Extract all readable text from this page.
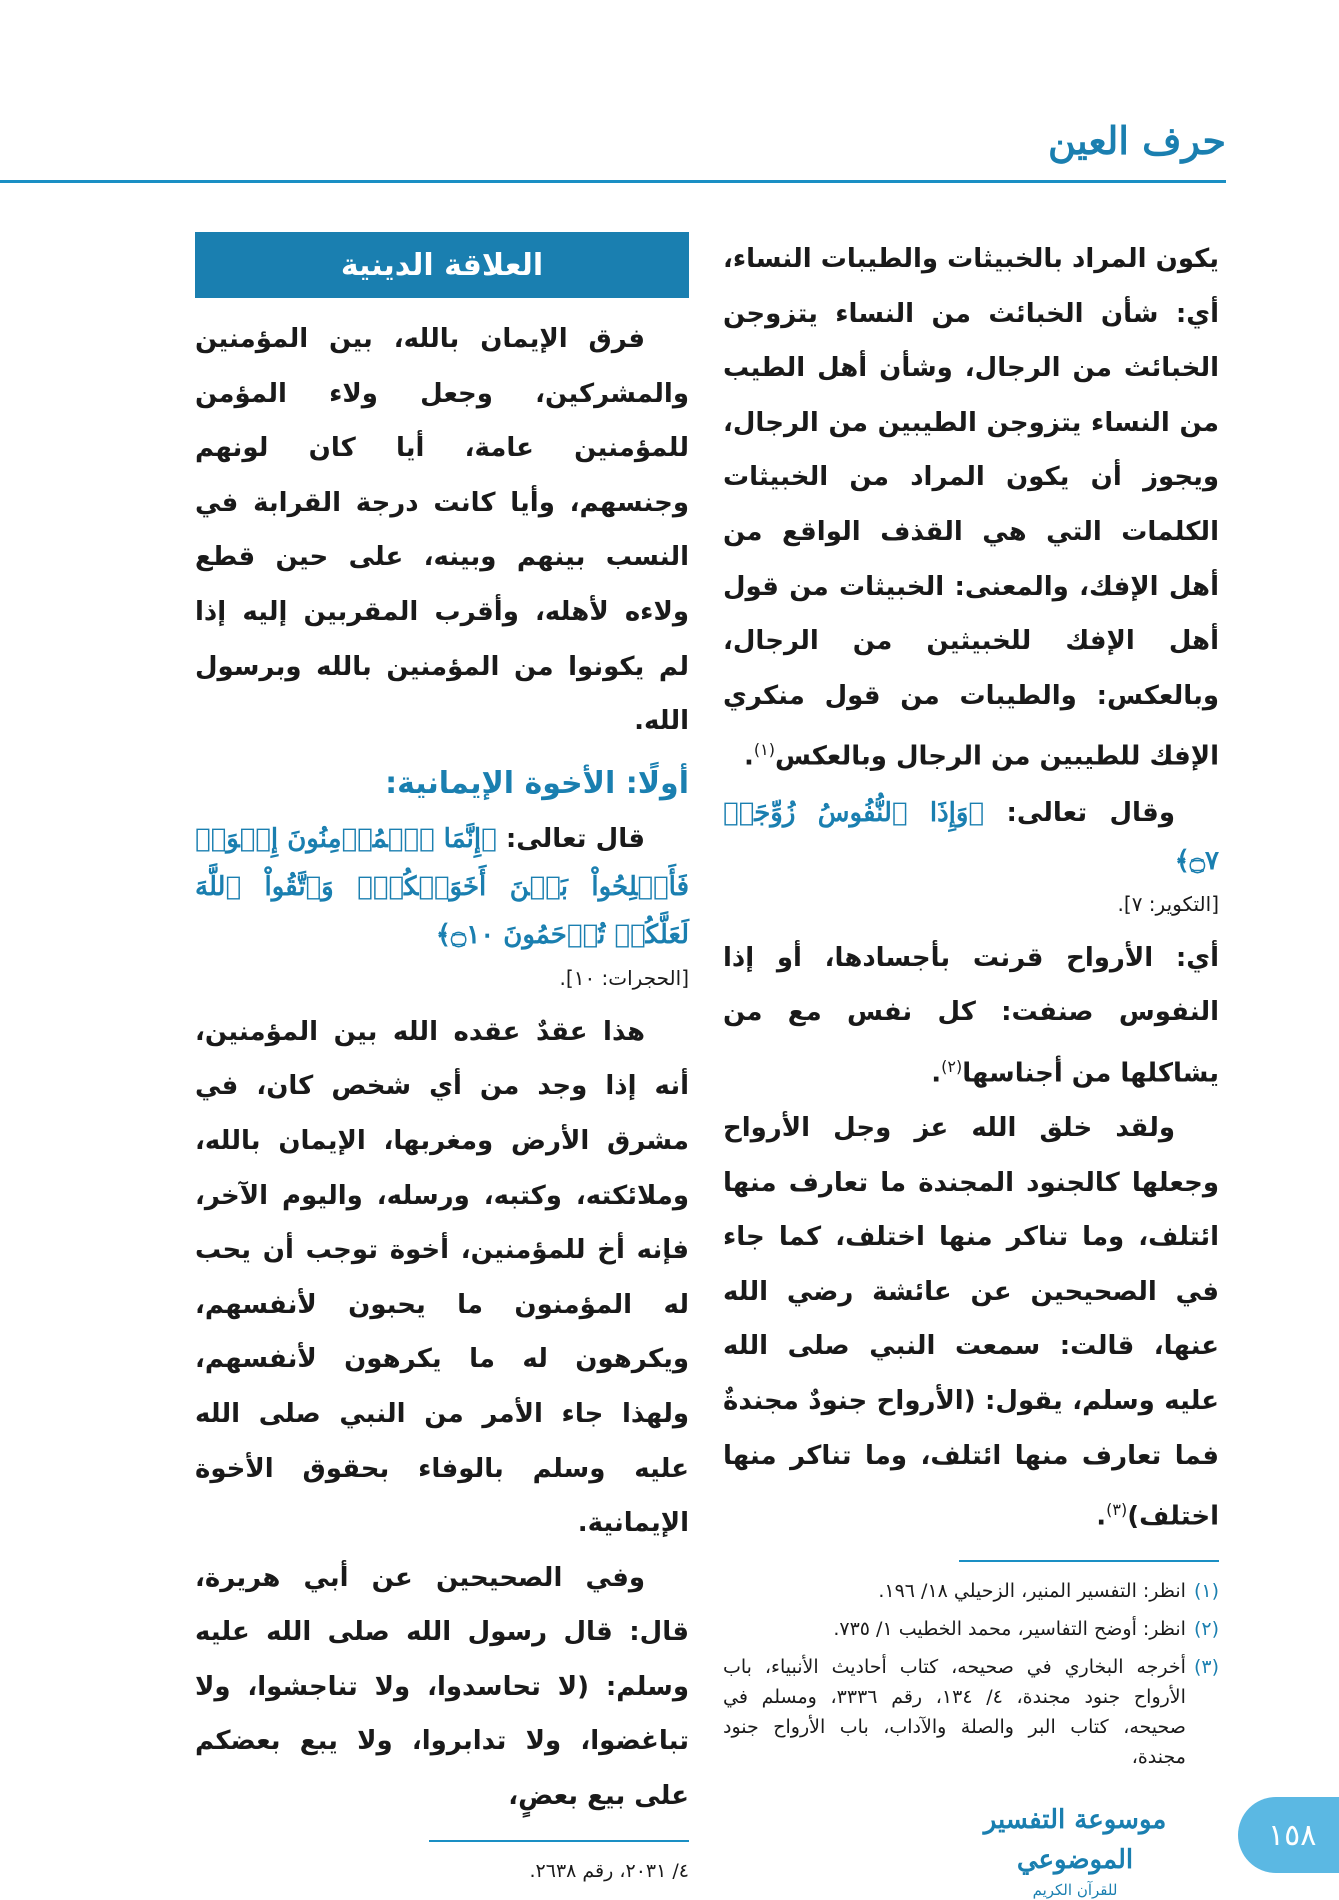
حرف العين

يكون المراد بالخبيثات والطيبات النساء، أي: شأن الخبائث من النساء يتزوجن الخبائث من الرجال، وشأن أهل الطيب من النساء يتزوجن الطيبين من الرجال، ويجوز أن يكون المراد من الخبيثات الكلمات التي هي القذف الواقع من أهل الإفك، والمعنى: الخبيثات من قول أهل الإفك للخبيثين من الرجال، وبالعكس: والطيبات من قول منكري الإفك للطيبين من الرجال وبالعكس$^{(١)}$.

وقال تعالى: ﴿وَإِذَا ٱلنُّفُوسُ زُوِّجَتۡ ۝٧﴾

[التكوير: ٧].

أي: الأرواح قرنت بأجسادها، أو إذا النفوس صنفت: كل نفس مع من يشاكلها من أجناسها$^{(٢)}$.

ولقد خلق الله عز وجل الأرواح وجعلها كالجنود المجندة ما تعارف منها ائتلف، وما تناكر منها اختلف، كما جاء في الصحيحين عن عائشة رضي الله عنها، قالت: سمعت النبي صلى الله عليه وسلم، يقول: (الأرواح جنودٌ مجندةٌ فما تعارف منها ائتلف، وما تناكر منها اختلف)$^{(٣)}$.

(١)
انظر: التفسير المنير، الزحيلي ١٨/ ١٩٦.
(٢)
انظر: أوضح التفاسير، محمد الخطيب ١/ ٧٣٥.
(٣)
أخرجه البخاري في صحيحه، كتاب أحاديث الأنبياء، باب الأرواح جنود مجندة، ٤/ ١٣٤، رقم ٣٣٣٦، ومسلم في صحيحه، كتاب البر والصلة والآداب، باب الأرواح جنود مجندة،
العلاقة الدينية

فرق الإيمان بالله، بين المؤمنين والمشركين، وجعل ولاء المؤمن للمؤمنين عامة، أيا كان لونهم وجنسهم، وأيا كانت درجة القرابة في النسب بينهم وبينه، على حين قطع ولاءه لأهله، وأقرب المقربين إليه إذا لم يكونوا من المؤمنين بالله وبرسول الله.

أولًا: الأخوة الإيمانية:

قال تعالى: ﴿إِنَّمَا ٱلۡمُؤۡمِنُونَ إِخۡوَةٞ فَأَصۡلِحُواْ بَيۡنَ أَخَوَيۡكُمۡۚ وَٱتَّقُواْ ٱللَّهَ لَعَلَّكُمۡ تُرۡحَمُونَ ۝١٠﴾

[الحجرات: ١٠].

هذا عقدٌ عقده الله بين المؤمنين، أنه إذا وجد من أي شخص كان، في مشرق الأرض ومغربها، الإيمان بالله، وملائكته، وكتبه، ورسله، واليوم الآخر، فإنه أخ للمؤمنين، أخوة توجب أن يحب له المؤمنون ما يحبون لأنفسهم، ويكرهون له ما يكرهون لأنفسهم، ولهذا جاء الأمر من النبي صلى الله عليه وسلم بالوفاء بحقوق الأخوة الإيمانية.

وفي الصحيحين عن أبي هريرة، قال: قال رسول الله صلى الله عليه وسلم: (لا تحاسدوا، ولا تناجشوا، ولا تباغضوا، ولا تدابروا، ولا يبع بعضكم على بيع بعضٍ،

٤/ ٢٠٣١، رقم ٢٦٣٨.
موسوعة التفسير الموضوعي
للقرآن الكريم
١٥٨
